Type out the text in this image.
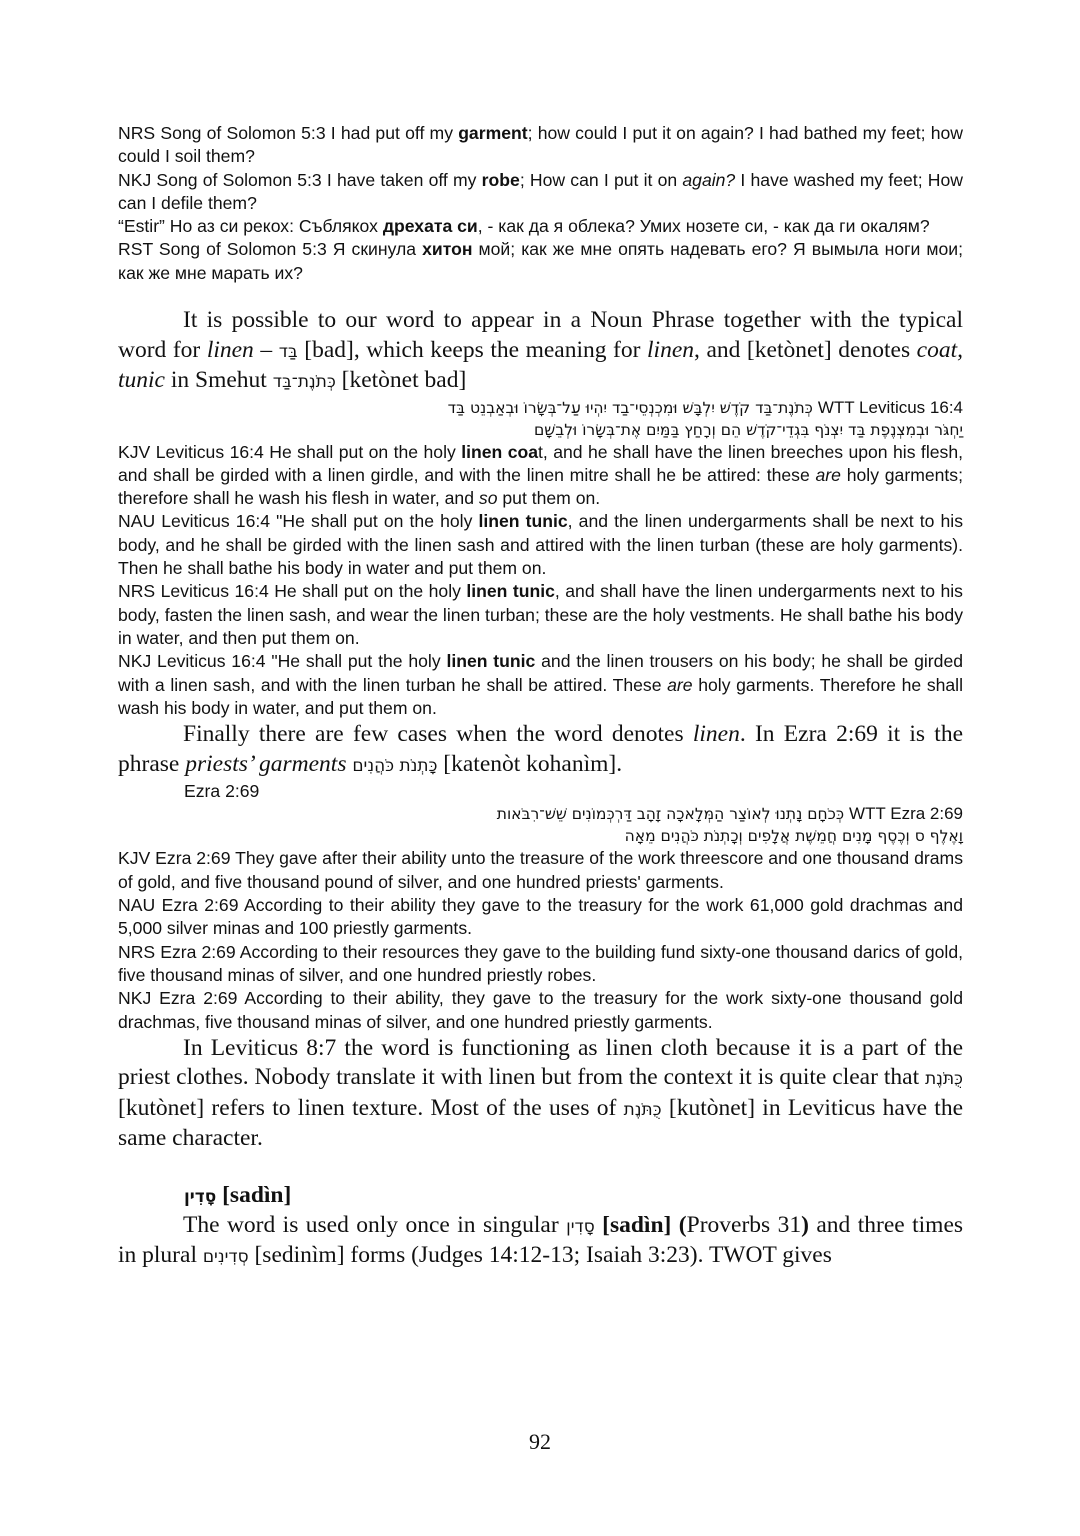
NRS Song of Solomon 5:3 I had put off my garment; how could I put it on again? I had bathed my feet; how could I soil them?

NKJ Song of Solomon 5:3 I have taken off my robe; How can I put it on again? I have washed my feet; How can I defile them?

“Estir” Но аз си рекох: Съблякох дрехата си, - как да я облека? Умих нозете си, - как да ги окалям?

RST Song of Solomon 5:3 Я скинула хитон мой; как же мне опять надевать его? Я вымыла ноги мои; как же мне марать их?

It is possible to our word to appear in a Noun Phrase together with the typical word for linen – בַּד [bad], which keeps the meaning for linen, and [ketònet] denotes coat, tunic in Smehut כְּתֹנֶת־בַּד [ketònet bad]

WTT Leviticus 16:4 כְּתֹנֶת־בַּד קֹדֶשׁ יִלְבָּשׁ וּמִכְנְסֵי־בַד יִהְיוּ עַל־בְּשָׂרוֹ וּבְאַבְנֵט בַּד
יַחְגֹּר וּבְמִצְנֶפֶת בַּד יִצְנֹף בִּגְדֵי־קֹדֶשׁ הֵם וְרָחַץ בַּמַּיִם אֶת־בְּשָׂרוֹ וּלְבֵשָׁם

KJV Leviticus 16:4 He shall put on the holy linen coat, and he shall have the linen breeches upon his flesh, and shall be girded with a linen girdle, and with the linen mitre shall he be attired: these are holy garments; therefore shall he wash his flesh in water, and so put them on.

NAU Leviticus 16:4 "He shall put on the holy linen tunic, and the linen undergarments shall be next to his body, and he shall be girded with the linen sash and attired with the linen turban (these are holy garments). Then he shall bathe his body in water and put them on.

NRS Leviticus 16:4 He shall put on the holy linen tunic, and shall have the linen undergarments next to his body, fasten the linen sash, and wear the linen turban; these are the holy vestments. He shall bathe his body in water, and then put them on.

NKJ Leviticus 16:4 "He shall put the holy linen tunic and the linen trousers on his body; he shall be girded with a linen sash, and with the linen turban he shall be attired. These are holy garments. Therefore he shall wash his body in water, and put them on.

Finally there are few cases when the word denotes linen. In Ezra 2:69 it is the phrase priests’ garments כָּתְנֹת כֹּהֲנִים [katenòt kohanìm].

Ezra 2:69
WTT Ezra 2:69 כְּכֹחָם נָתְנוּ לְאוֹצַר הַמְּלָאכָה זָהָב דַּרְכְּמוֹנִים שֵׁשׁ־רִבֹּאות
וָאֶלֶף ס וְכֶסֶף מָנִים חֲמֵשֶׁת אֲלָפִים וְכָתְנֹת כֹּהֲנִים מֵאָה

KJV Ezra 2:69 They gave after their ability unto the treasure of the work threescore and one thousand drams of gold, and five thousand pound of silver, and one hundred priests' garments.

NAU Ezra 2:69 According to their ability they gave to the treasury for the work 61,000 gold drachmas and 5,000 silver minas and 100 priestly garments.

NRS Ezra 2:69 According to their resources they gave to the building fund sixty-one thousand darics of gold, five thousand minas of silver, and one hundred priestly robes.

NKJ Ezra 2:69 According to their ability, they gave to the treasury for the work sixty-one thousand gold drachmas, five thousand minas of silver, and one hundred priestly garments.

In Leviticus 8:7 the word is functioning as linen cloth because it is a part of the priest clothes. Nobody translate it with linen but from the context it is quite clear that כֻּתֹּנֶת [kutònet] refers to linen texture. Most of the uses of כֻּתֹּנֶת [kutònet] in Leviticus have the same character.

סָדִין [sadìn]

The word is used only once in singular סָדִין [sadìn] (Proverbs 31) and three times in plural סְדִינִים [sedinìm] forms (Judges 14:12-13; Isaiah 3:23). TWOT gives

92
